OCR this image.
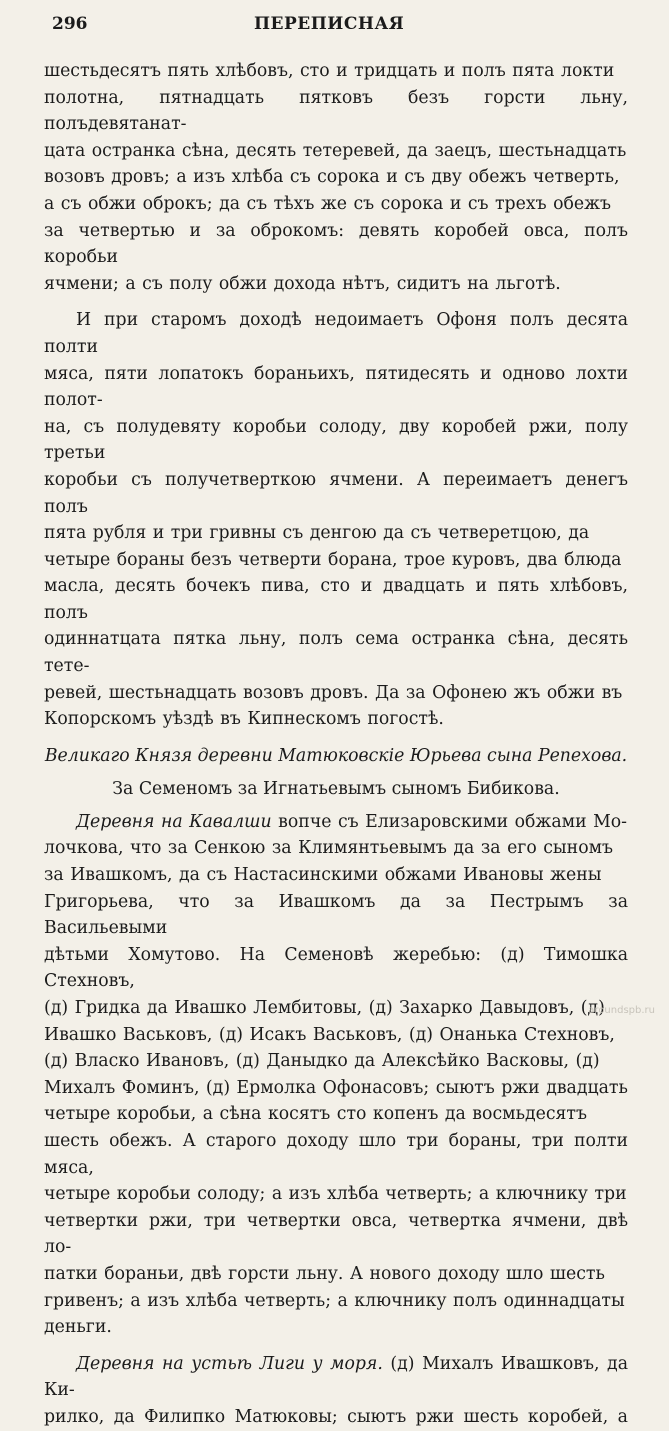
296	ПЕРЕПИСНАЯ

шестьдесятъ пять хлѣбовъ, сто и тридцать и полъ пята локти
полотна, пятнадцать пятковъ безъ горсти льну, полъдевятанат-
цата остранка сѣна, десять тетеревей, да заецъ, шестьнадцать
возовъ дровъ; а изъ хлѣба съ сорока и съ дву обежъ четверть,
а съ обжи оброкъ; да съ тѣхъ же съ сорока и съ трехъ обежъ
за четвертью и за оброкомъ: девять коробей овса, полъ коробьи
ячмени; а съ полу обжи дохода нѣтъ, сидитъ на льготѣ.

И при старомъ доходѣ недоимаетъ Офоня полъ десята полти
мяса, пяти лопатокъ бораньихъ, пятидесять и одново лохти полот-
на, съ полудевяту коробьи солоду, дву коробей ржи, полу третьи
коробьи съ получетверткою ячмени. А переимаетъ денегъ полъ
пята рубля и три гривны съ денгою да съ четверетцою, да
четыре бораны безъ четверти борана, трое куровъ, два блюда
масла, десять бочекъ пива, сто и двадцать и пять хлѣбовъ, полъ
одиннатцата пятка льну, полъ сема остранка сѣна, десять тете-
ревей, шестьнадцать возовъ дровъ. Да за Офонею жъ обжи въ
Копорскомъ уѣздѣ въ Кипнескомъ погостѣ.

Великаго Князя деревни Матюковскіе Юрьева сына Репехова.

За Семеномъ за Игнатьевымъ сыномъ Бибикова.

Деревня на Кавалши вопче съ Елизаровскими обжами Мо-
лочкова, что за Сенкою за Климянтьевымъ да за его сыномъ
за Ивашкомъ, да съ Настасинскими обжами Ивановы жены
Григорьева, что за Ивашкомъ да за Пестрымъ за Васильевыми
дѣтьми Хомутово. На Семеновѣ жеребью: (д) Тимошка Стехновъ,
(д) Гридка да Ивашко Лембитовы, (д) Захарко Давыдовъ, (д)
Ивашко Васьковъ, (д) Исакъ Васьковъ, (д) Онанька Стехновъ,
(д) Власко Ивановъ, (д) Даныдко да Алексѣйко Васковы, (д)
Михалъ Фоминъ, (д) Ермолка Офонасовъ; сыютъ ржи двадцать
четыре коробьи, а сѣна косятъ сто копенъ да восмьдесятъ
шесть обежъ. А старого доходу шло три бораны, три полти мяса,
четыре коробьи солоду; а изъ хлѣба четверть; а ключнику три
четвертки ржи, три четвертки овса, четвертка ячмени, двѣ ло-
патки бораньи, двѣ горсти льну. А нового доходу шло шесть
гривенъ; а изъ хлѣба четверть; а ключнику полъ одиннадцаты
деньги.

Деревня на устьѣ Лиги у моря. (д) Михалъ Ивашковъ, да Ки-
рилко, да Филипко Матюковы; сыютъ ржи шесть коробей, а

aroundspb.ru
